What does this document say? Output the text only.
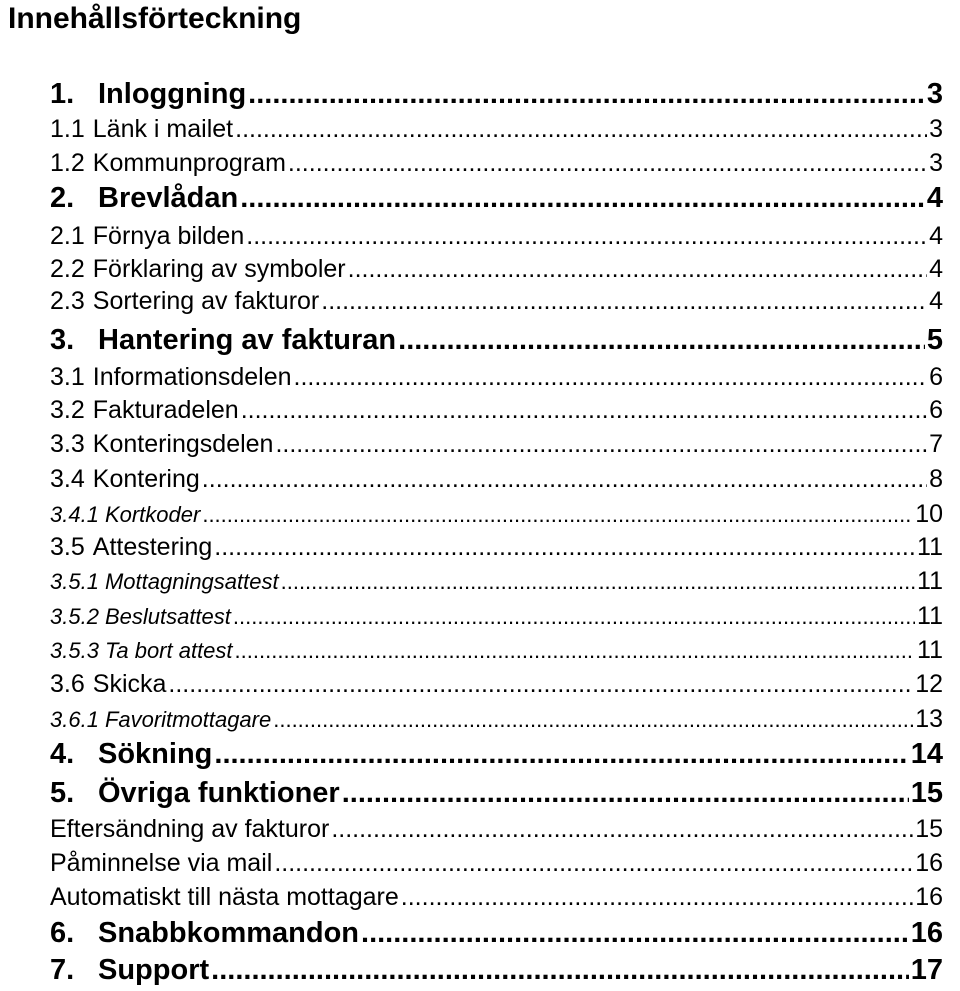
Innehållsförteckning
1. Inloggning .....	3
1.1 Länk i mailet .....	3
1.2 Kommunprogram .....	3
2. Brevlådan .....	4
2.1 Förnya bilden .....	4
2.2 Förklaring av symboler .....	4
2.3 Sortering av fakturor .....	4
3. Hantering av fakturan .....	5
3.1 Informationsdelen .....	6
3.2 Fakturadelen .....	6
3.3 Konteringsdelen .....	7
3.4 Kontering .....	8
3.4.1 Kortkoder .....	10
3.5 Attestering .....	11
3.5.1 Mottagningsattest .....	11
3.5.2 Beslutsattest .....	11
3.5.3 Ta bort attest .....	11
3.6 Skicka .....	12
3.6.1 Favoritmottagare .....	13
4. Sökning .....	14
5. Övriga funktioner .....	15
Eftersändning av fakturor .....	15
Påminnelse via mail .....	16
Automatiskt till nästa mottagare .....	16
6. Snabbkommandon .....	16
7. Support .....	17
